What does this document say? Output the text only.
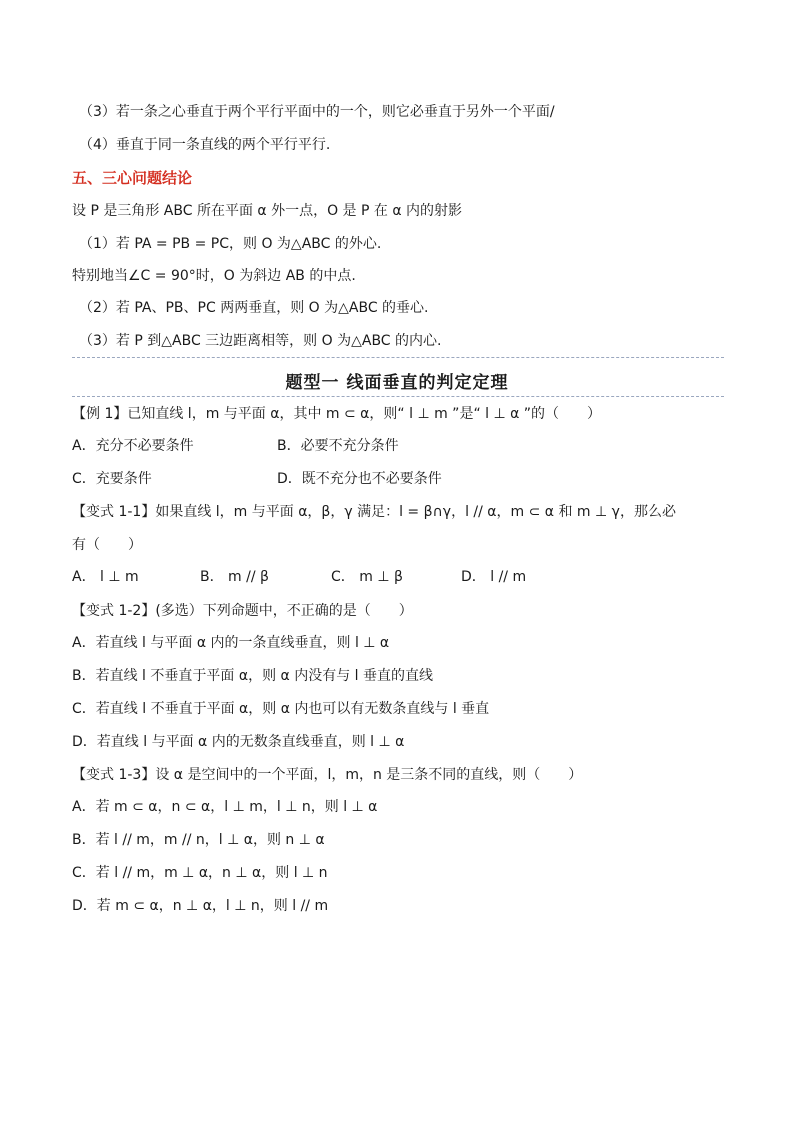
（3）若一条之心垂直于两个平行平面中的一个，则它必垂直于另外一个平面/
（4）垂直于同一条直线的两个平行平行.
五、三心问题结论
设 P 是三角形 ABC 所在平面 α 外一点，O 是 P 在 α 内的射影
（1）若 PA = PB = PC，则 O 为△ABC 的外心.
特别地当∠C = 90°时，O 为斜边 AB 的中点.
（2）若 PA、PB、PC 两两垂直，则 O 为△ABC 的垂心.
（3）若 P 到△ABC 三边距离相等，则 O 为△ABC 的内心.
题型一 线面垂直的判定定理
【例 1】已知直线 l，m 与平面 α，其中 m ⊂ α，则“ l ⊥ m ”是“ l ⊥ α ”的（　　）
A．充分不必要条件	B．必要不充分条件
C．充要条件	D．既不充分也不必要条件
【变式 1-1】如果直线 l，m 与平面 α，β，γ 满足：l = β∩γ，l // α，m ⊂ α 和 m ⊥ γ，那么必
有（　　）
A． l ⊥ m	B． m // β	C． m ⊥ β	D． l // m
【变式 1-2】(多选）下列命题中，不正确的是（　　）
A．若直线 l 与平面 α 内的一条直线垂直，则 l ⊥ α
B．若直线 l 不垂直于平面 α，则 α 内没有与 l 垂直的直线
C．若直线 l 不垂直于平面 α，则 α 内也可以有无数条直线与 l 垂直
D．若直线 l 与平面 α 内的无数条直线垂直，则 l ⊥ α
【变式 1-3】设 α 是空间中的一个平面，l，m，n 是三条不同的直线，则（　　）
A．若 m ⊂ α，n ⊂ α，l ⊥ m，l ⊥ n，则 l ⊥ α
B．若 l // m，m // n，l ⊥ α，则 n ⊥ α
C．若 l // m，m ⊥ α，n ⊥ α，则 l ⊥ n
D．若 m ⊂ α，n ⊥ α，l ⊥ n，则 l // m
